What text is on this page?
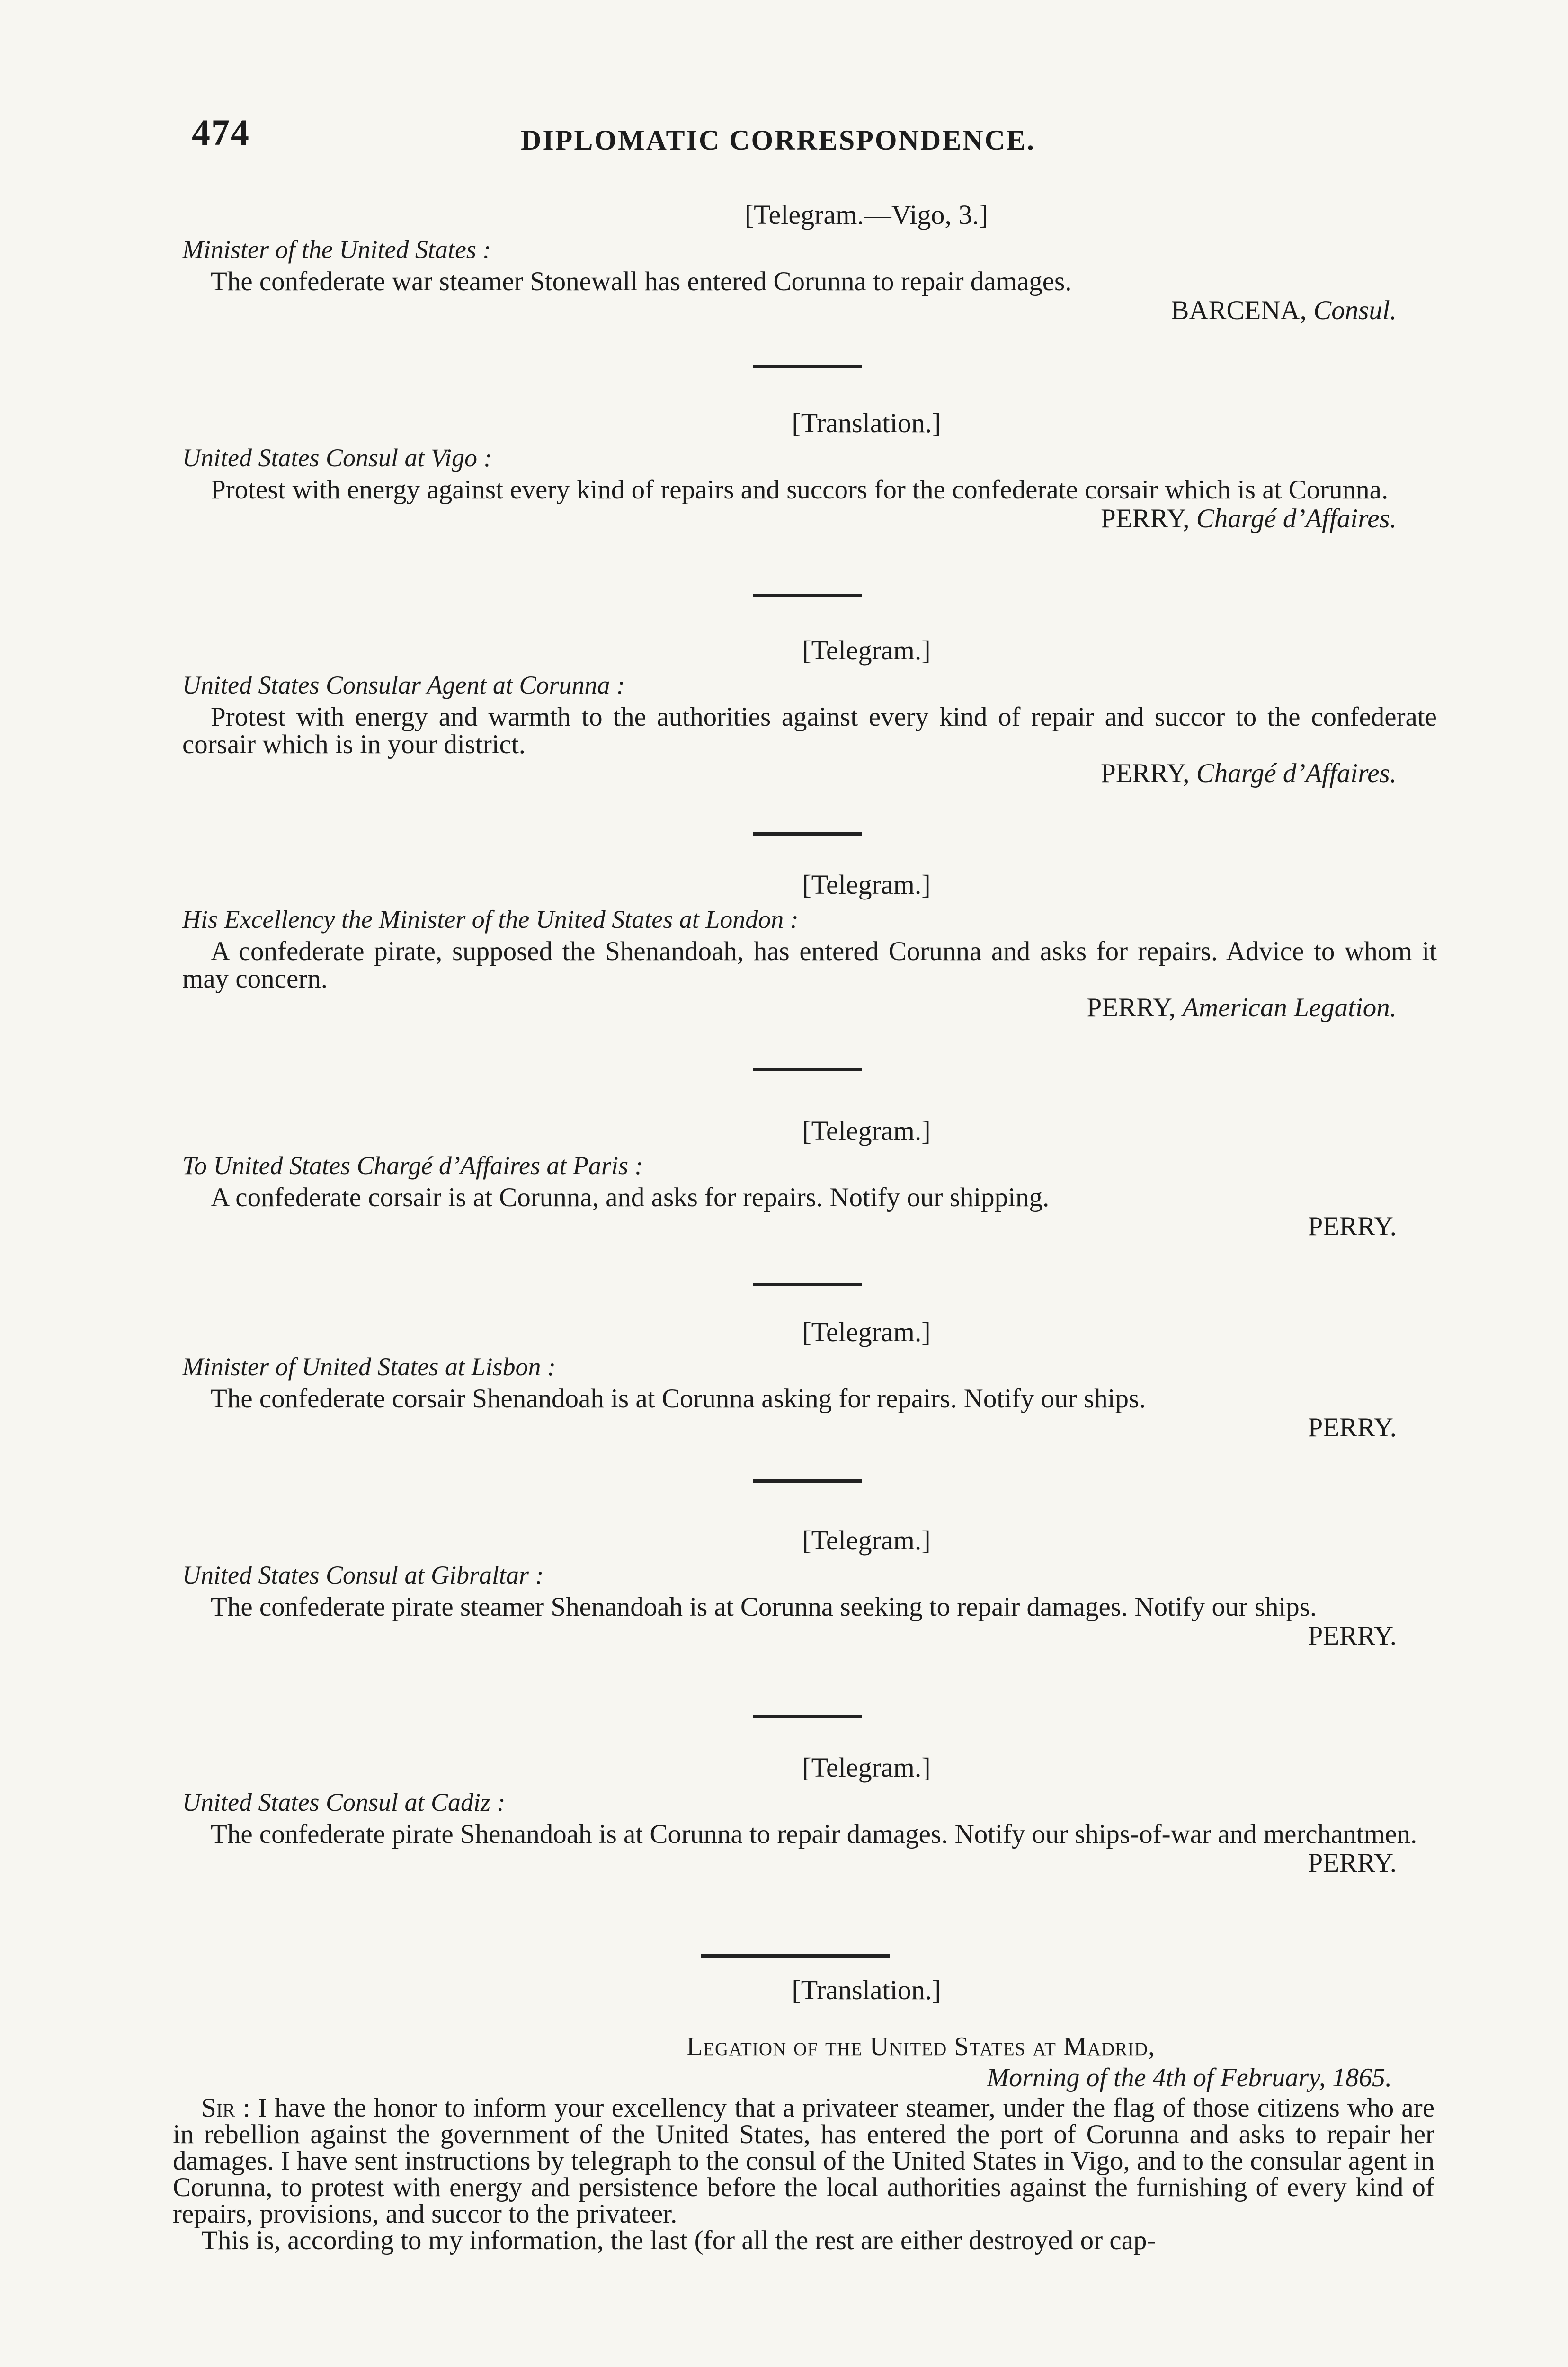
474	DIPLOMATIC CORRESPONDENCE.
[Telegram.—Vigo, 3.]
Minister of the United States :
The confederate war steamer Stonewall has entered Corunna to repair damages.
BARCENA, Consul.
[Translation.]
United States Consul at Vigo :
Protest with energy against every kind of repairs and succors for the confederate corsair which is at Corunna.
PERRY, Chargé d’Affaires.
[Telegram.]
United States Consular Agent at Corunna :
Protest with energy and warmth to the authorities against every kind of repair and succor to the confederate corsair which is in your district.
PERRY, Chargé d’Affaires.
[Telegram.]
His Excellency the Minister of the United States at London :
A confederate pirate, supposed the Shenandoah, has entered Corunna and asks for repairs. Advice to whom it may concern.
PERRY, American Legation.
[Telegram.]
To United States Chargé d’Affaires at Paris :
A confederate corsair is at Corunna, and asks for repairs. Notify our shipping.
PERRY.
[Telegram.]
Minister of United States at Lisbon :
The confederate corsair Shenandoah is at Corunna asking for repairs. Notify our ships.
PERRY.
[Telegram.]
United States Consul at Gibraltar :
The confederate pirate steamer Shenandoah is at Corunna seeking to repair damages. Notify our ships.
PERRY.
[Telegram.]
United States Consul at Cadiz :
The confederate pirate Shenandoah is at Corunna to repair damages. Notify our ships-of-war and merchantmen.
PERRY.
[Translation.]
Legation of the United States at Madrid,
Morning of the 4th of February, 1865.

Sir : I have the honor to inform your excellency that a privateer steamer, under the flag of those citizens who are in rebellion against the government of the United States, has entered the port of Corunna and asks to repair her damages. I have sent instructions by telegraph to the consul of the United States in Vigo, and to the consular agent in Corunna, to protest with energy and persistence before the local authorities against the furnishing of every kind of repairs, provisions, and succor to the privateer.

This is, according to my information, the last (for all the rest are either destroyed or cap-
